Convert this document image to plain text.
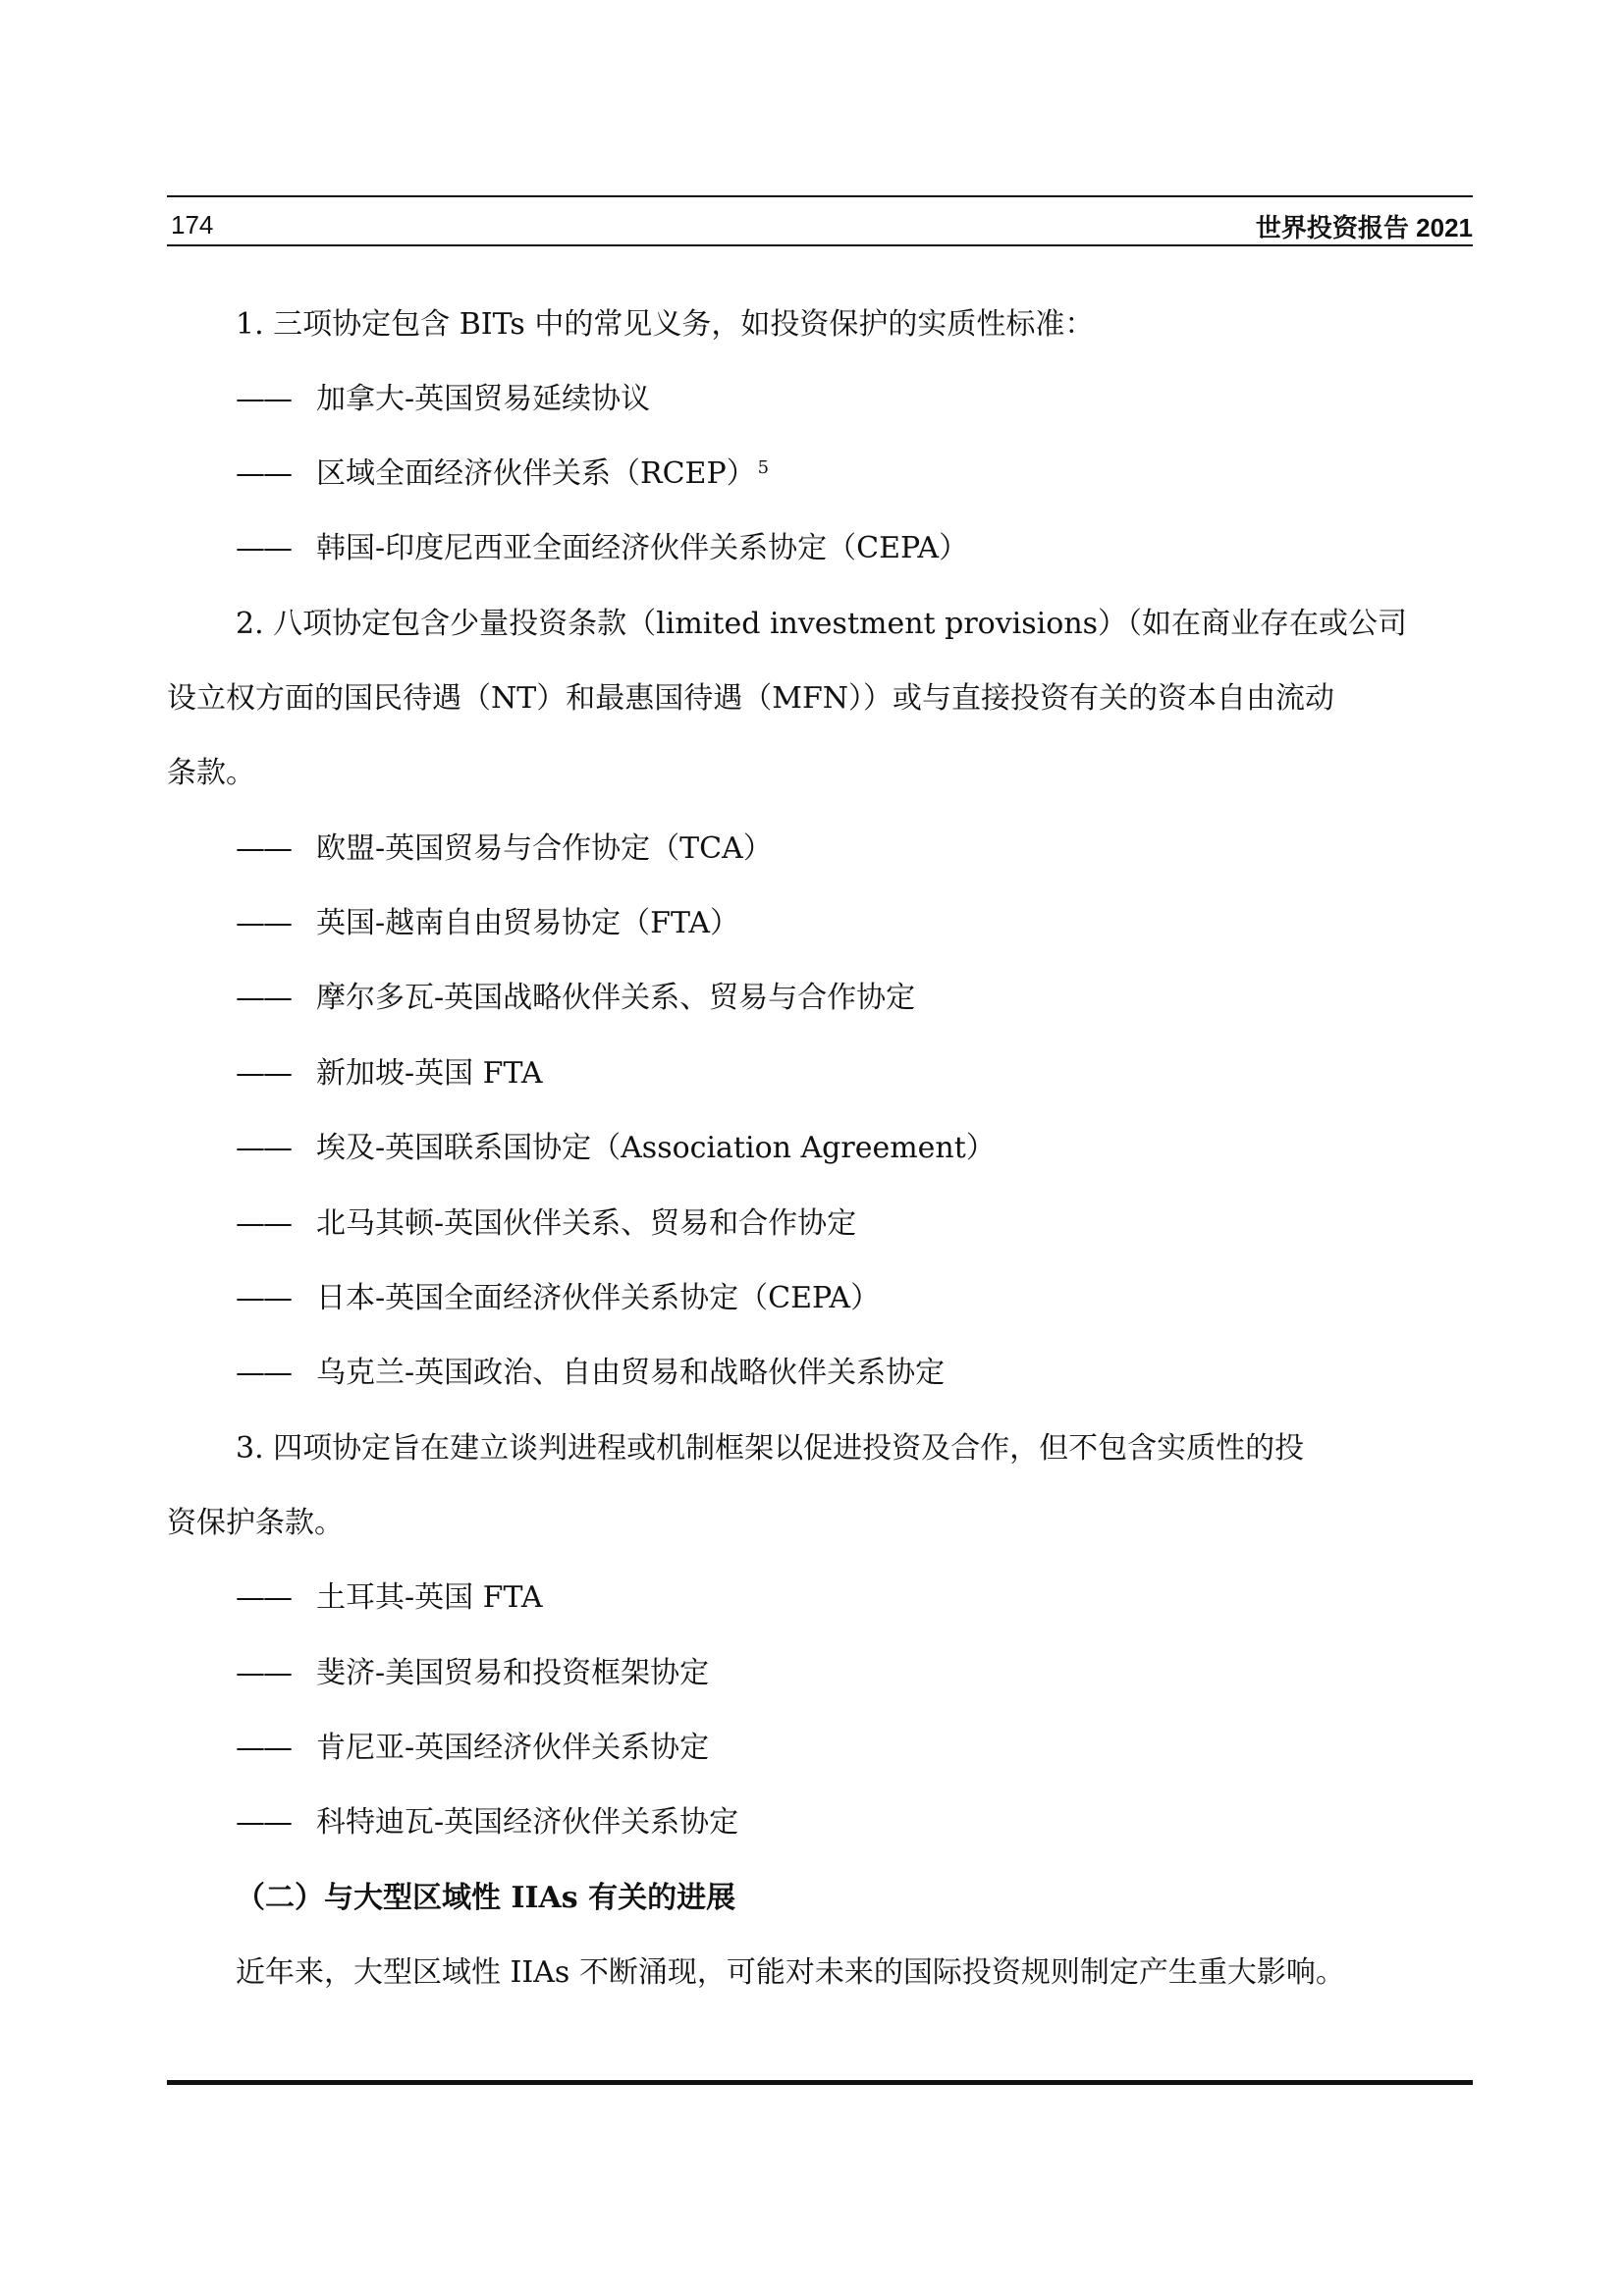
174	世界投资报告 2021
1. 三项协定包含 BITs 中的常见义务，如投资保护的实质性标准：
—— 加拿大-英国贸易延续协议
—— 区域全面经济伙伴关系（RCEP） $^5$
—— 韩国-印度尼西亚全面经济伙伴关系协定（CEPA）
2. 八项协定包含少量投资条款（limited investment provisions）（如在商业存在或公司
设立权方面的国民待遇（NT）和最惠国待遇（MFN））或与直接投资有关的资本自由流动
条款。
—— 欧盟-英国贸易与合作协定（TCA）
—— 英国-越南自由贸易协定（FTA）
—— 摩尔多瓦-英国战略伙伴关系、贸易与合作协定
—— 新加坡-英国 FTA
—— 埃及-英国联系国协定（Association Agreement）
—— 北马其顿-英国伙伴关系、贸易和合作协定
—— 日本-英国全面经济伙伴关系协定（CEPA）
—— 乌克兰-英国政治、自由贸易和战略伙伴关系协定
3. 四项协定旨在建立谈判进程或机制框架以促进投资及合作，但不包含实质性的投
资保护条款。
—— 土耳其-英国 FTA
—— 斐济-美国贸易和投资框架协定
—— 肯尼亚-英国经济伙伴关系协定
—— 科特迪瓦-英国经济伙伴关系协定
（二）与大型区域性 IIAs 有关的进展
近年来，大型区域性 IIAs 不断涌现，可能对未来的国际投资规则制定产生重大影响。
